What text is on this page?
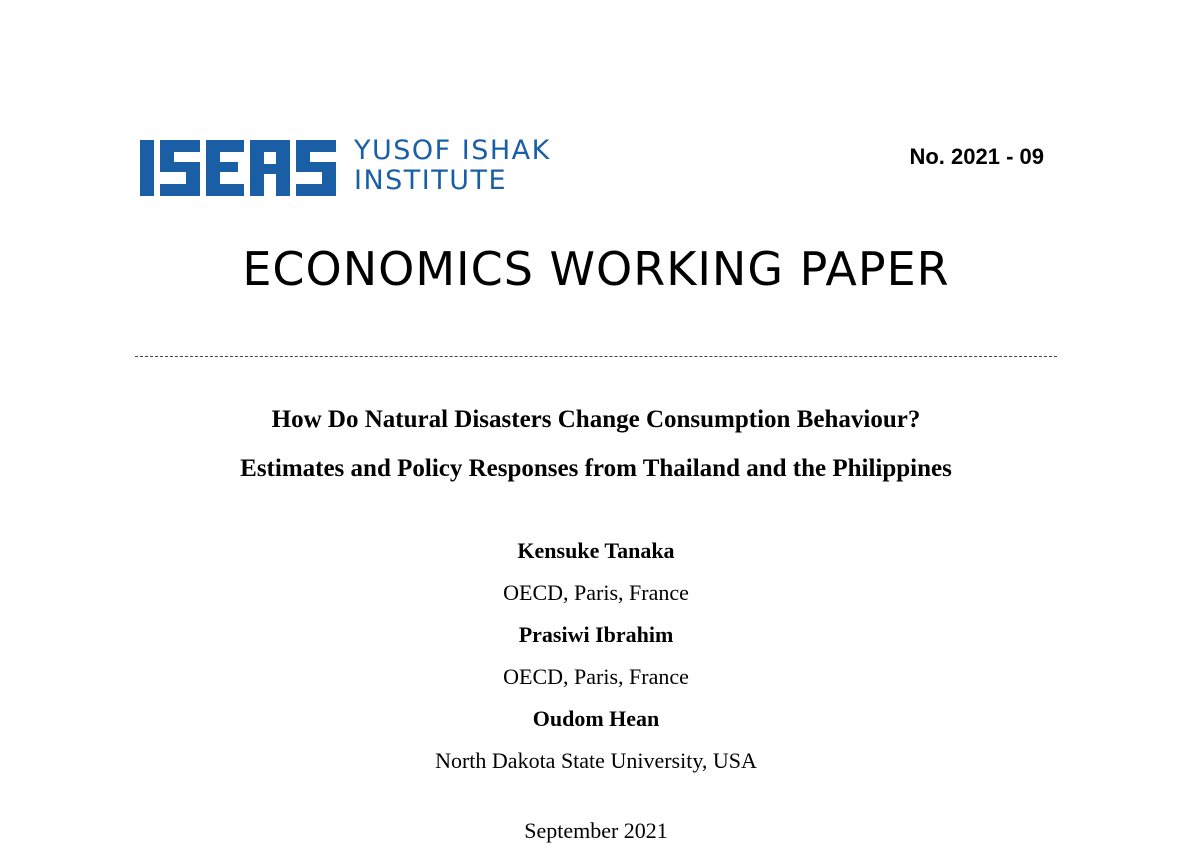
YUSOF ISHAK
INSTITUTE
No. 2021 - 09
ECONOMICS WORKING PAPER
How Do Natural Disasters Change Consumption Behaviour?
Estimates and Policy Responses from Thailand and the Philippines
Kensuke Tanaka
OECD, Paris, France
Prasiwi Ibrahim
OECD, Paris, France
Oudom Hean
North Dakota State University, USA
September 2021
